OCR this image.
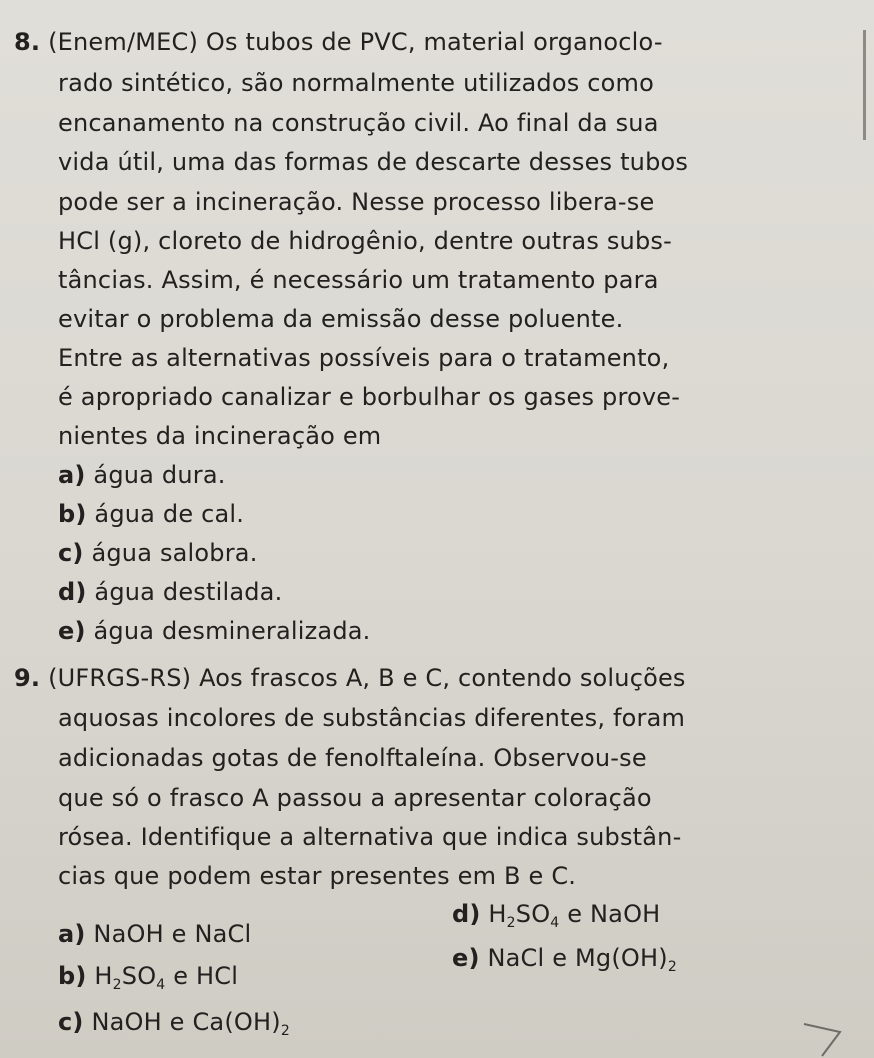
8. (Enem/MEC) Os tubos de PVC, material organoclo-
rado sintético, são normalmente utilizados como
encanamento na construção civil. Ao final da sua
vida útil, uma das formas de descarte desses tubos
pode ser a incineração. Nesse processo libera-se
HCl (g), cloreto de hidrogênio, dentre outras subs-
tâncias. Assim, é necessário um tratamento para
evitar o problema da emissão desse poluente.
Entre as alternativas possíveis para o tratamento,
é apropriado canalizar e borbulhar os gases prove-
nientes da incineração em
a) água dura.
b) água de cal.
c) água salobra.
d) água destilada.
e) água desmineralizada.
9. (UFRGS-RS) Aos frascos A, B e C, contendo soluções
aquosas incolores de substâncias diferentes, foram
adicionadas gotas de fenolftaleína. Observou-se
que só o frasco A passou a apresentar coloração
rósea. Identifique a alternativa que indica substân-
cias que podem estar presentes em B e C.
a) NaOH e NaCl
b) $H_2SO_4$ e HCl
c) NaOH e $Ca(OH)_2$
d) $H_2SO_4$ e NaOH
e) NaCl e $Mg(OH)_2$
